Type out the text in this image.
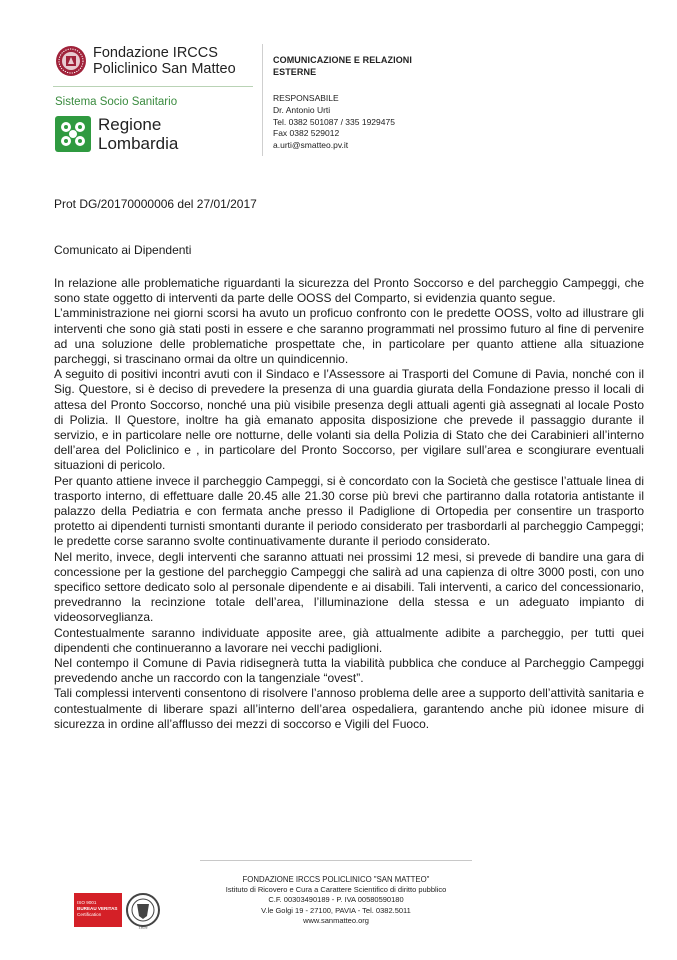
Fondazione IRCCS
Policlinico San Matteo
Sistema Socio Sanitario
Regione
Lombardia
COMUNICAZIONE E RELAZIONI
ESTERNE
RESPONSABILE
Dr. Antonio Urti
Tel. 0382 501087 / 335 1929475
Fax 0382 529012
a.urti@smatteo.pv.it
Prot DG/20170000006 del 27/01/2017
Comunicato ai Dipendenti

In relazione alle problematiche riguardanti la sicurezza del Pronto Soccorso e del parcheggio Campeggi, che sono state oggetto di interventi da parte delle OOSS del Comparto, si evidenzia quanto segue.

L’amministrazione nei giorni scorsi ha avuto un proficuo confronto con le predette OOSS, volto ad illustrare gli interventi che sono già stati posti in essere e che saranno programmati nel prossimo futuro al fine di pervenire ad una soluzione delle problematiche prospettate che, in particolare per quanto attiene alla situazione parcheggi, si trascinano ormai da oltre un quindicennio.

A seguito di positivi incontri avuti con il Sindaco e l’Assessore ai Trasporti del Comune di Pavia, nonché con il Sig. Questore, si è deciso di prevedere la presenza di una guardia giurata della Fondazione presso il locali di attesa del Pronto Soccorso, nonché una più visibile presenza degli attuali agenti già assegnati al locale Posto di Polizia. Il Questore, inoltre ha già emanato apposita disposizione che prevede il passaggio durante il servizio, e in particolare nelle ore notturne, delle volanti sia della Polizia di Stato che dei Carabinieri all’interno dell’area del Policlinico e , in particolare del Pronto Soccorso, per vigilare sull’area e scongiurare eventuali situazioni di pericolo.

Per quanto attiene invece il parcheggio Campeggi, si è concordato con la Società che gestisce l’attuale linea di trasporto interno, di effettuare dalle 20.45 alle 21.30 corse più brevi che partiranno dalla rotatoria antistante il palazzo della Pediatria e con fermata anche presso il Padiglione di Ortopedia per consentire un trasporto protetto ai dipendenti turnisti smontanti durante il periodo considerato per trasbordarli al parcheggio Campeggi; le predette corse saranno svolte continuativamente durante il periodo considerato.

Nel merito, invece, degli interventi che saranno attuati nei prossimi 12 mesi, si prevede di bandire una gara di concessione per la gestione del parcheggio Campeggi che salirà ad una capienza di oltre 3000 posti, con uno specifico settore dedicato solo al personale dipendente e ai disabili. Tali interventi, a carico del concessionario, prevedranno la recinzione totale dell’area, l’illuminazione della stessa e un adeguato impianto di videosorveglianza.

Contestualmente saranno individuate apposite aree, già attualmente adibite a parcheggio, per tutti quei dipendenti che continueranno a lavorare nei vecchi padiglioni.

Nel contempo il Comune di Pavia ridisegnerà tutta la viabilità pubblica che conduce al Parcheggio Campeggi prevedendo anche un raccordo con la tangenziale “ovest”.

Tali complessi interventi consentono di risolvere l’annoso problema delle aree a supporto dell’attività sanitaria e contestualmente di liberare spazi all’interno dell’area ospedaliera, garantendo anche più idonee misure di sicurezza in ordine all’afflusso dei mezzi di soccorso e Vigili del Fuoco.

FONDAZIONE IRCCS POLICLINICO "SAN MATTEO"
Istituto di Ricovero e Cura a Carattere Scientifico di diritto pubblico
C.F. 00303490189 - P. IVA 00580590180
V.le Golgi 19 - 27100, PAVIA - Tel. 0382.5011
www.sanmatteo.org
ISO 9001
BUREAU VERITAS
Certification
1828
